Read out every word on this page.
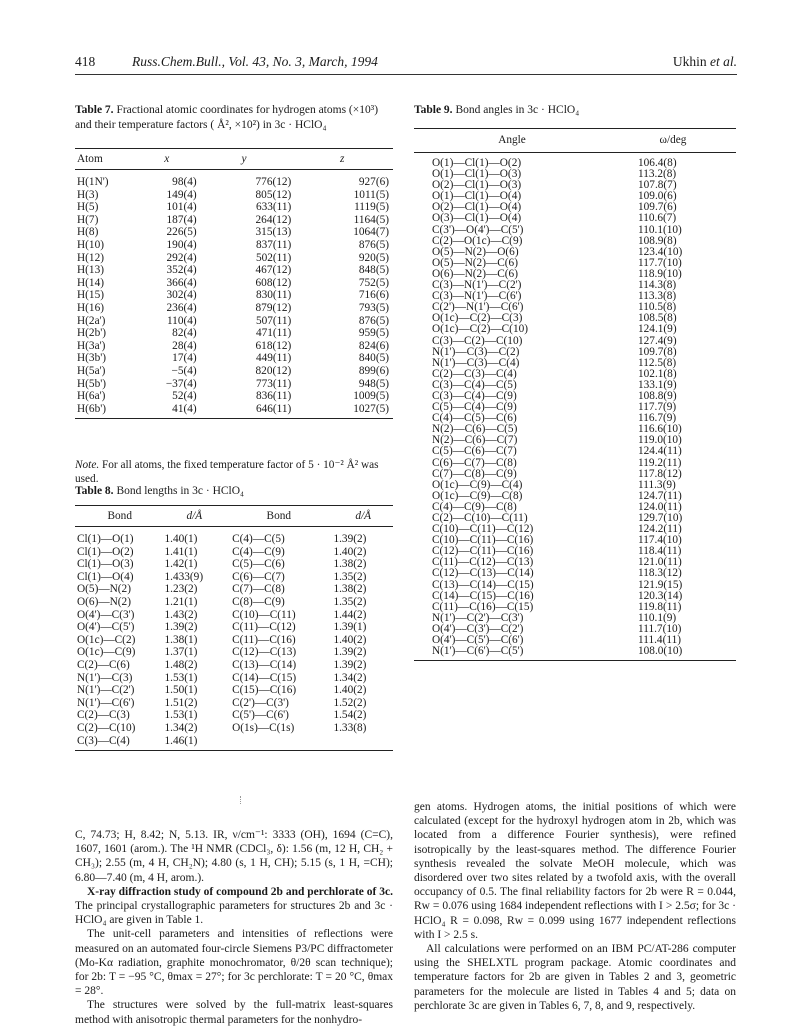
418	Russ.Chem.Bull., Vol. 43, No. 3, March, 1994	Ukhin et al.
Table 7. Fractional atomic coordinates for hydrogen atoms (×10³) and their temperature factors ( Å², ×10²) in 3c · HClO₄
Atom	x	y	z
H(1N')	98(4)	776(12)	927(6)
H(3)	149(4)	805(12)	1011(5)
H(5)	101(4)	633(11)	1119(5)
H(7)	187(4)	264(12)	1164(5)
H(8)	226(5)	315(13)	1064(7)
H(10)	190(4)	837(11)	876(5)
H(12)	292(4)	502(11)	920(5)
H(13)	352(4)	467(12)	848(5)
H(14)	366(4)	608(12)	752(5)
H(15)	302(4)	830(11)	716(6)
H(16)	236(4)	879(12)	793(5)
H(2a')	110(4)	507(11)	876(5)
H(2b')	82(4)	471(11)	959(5)
H(3a')	28(4)	618(12)	824(6)
H(3b')	17(4)	449(11)	840(5)
H(5a')	−5(4)	820(12)	899(6)
H(5b')	−37(4)	773(11)	948(5)
H(6a')	52(4)	836(11)	1009(5)
H(6b')	41(4)	646(11)	1027(5)
Note. For all atoms, the fixed temperature factor of 5 · 10⁻² Å² was used.
Table 8. Bond lengths in 3c · HClO₄
Bond	d/Å	Bond	d/Å
Cl(1)—O(1)	1.40(1)	C(4)—C(5)	1.39(2)
Cl(1)—O(2)	1.41(1)	C(4)—C(9)	1.40(2)
Cl(1)—O(3)	1.42(1)	C(5)—C(6)	1.38(2)
Cl(1)—O(4)	1.433(9)	C(6)—C(7)	1.35(2)
O(5)—N(2)	1.23(2)	C(7)—C(8)	1.38(2)
O(6)—N(2)	1.21(1)	C(8)—C(9)	1.35(2)
O(4')—C(3')	1.43(2)	C(10)—C(11)	1.44(2)
O(4')—C(5')	1.39(2)	C(11)—C(12)	1.39(1)
O(1c)—C(2)	1.38(1)	C(11)—C(16)	1.40(2)
O(1c)—C(9)	1.37(1)	C(12)—C(13)	1.39(2)
C(2)—C(6)	1.48(2)	C(13)—C(14)	1.39(2)
N(1')—C(3)	1.53(1)	C(14)—C(15)	1.34(2)
N(1')—C(2')	1.50(1)	C(15)—C(16)	1.40(2)
N(1')—C(6')	1.51(2)	C(2')—C(3')	1.52(2)
C(2)—C(3)	1.53(1)	C(5')—C(6')	1.54(2)
C(2)—C(10)	1.34(2)	O(1s)—C(1s)	1.33(8)
C(3)—C(4)	1.46(1)		
Table 9. Bond angles in 3c · HClO₄
Angle	ω/deg
O(1)—Cl(1)—O(2)	106.4(8)
O(1)—Cl(1)—O(3)	113.2(8)
O(2)—Cl(1)—O(3)	107.8(7)
O(1)—Cl(1)—O(4)	109.0(6)
O(2)—Cl(1)—O(4)	109.7(6)
O(3)—Cl(1)—O(4)	110.6(7)
C(3')—O(4')—C(5')	110.1(10)
C(2)—O(1c)—C(9)	108.9(8)
O(5)—N(2)—O(6)	123.4(10)
O(5)—N(2)—C(6)	117.7(10)
O(6)—N(2)—C(6)	118.9(10)
C(3)—N(1')—C(2')	114.3(8)
C(3)—N(1')—C(6')	113.3(8)
C(2')—N(1')—C(6')	110.5(8)
O(1c)—C(2)—C(3)	108.5(8)
O(1c)—C(2)—C(10)	124.1(9)
C(3)—C(2)—C(10)	127.4(9)
N(1')—C(3)—C(2)	109.7(8)
N(1')—C(3)—C(4)	112.5(8)
C(2)—C(3)—C(4)	102.1(8)
C(3)—C(4)—C(5)	133.1(9)
C(3)—C(4)—C(9)	108.8(9)
C(5)—C(4)—C(9)	117.7(9)
C(4)—C(5)—C(6)	116.7(9)
N(2)—C(6)—C(5)	116.6(10)
N(2)—C(6)—C(7)	119.0(10)
C(5)—C(6)—C(7)	124.4(11)
C(6)—C(7)—C(8)	119.2(11)
C(7)—C(8)—C(9)	117.8(12)
O(1c)—C(9)—C(4)	111.3(9)
O(1c)—C(9)—C(8)	124.7(11)
C(4)—C(9)—C(8)	124.0(11)
C(2)—C(10)—C(11)	129.7(10)
C(10)—C(11)—C(12)	124.2(11)
C(10)—C(11)—C(16)	117.4(10)
C(12)—C(11)—C(16)	118.4(11)
C(11)—C(12)—C(13)	121.0(11)
C(12)—C(13)—C(14)	118.3(12)
C(13)—C(14)—C(15)	121.9(15)
C(14)—C(15)—C(16)	120.3(14)
C(11)—C(16)—C(15)	119.8(11)
N(1')—C(2')—C(3')	110.1(9)
O(4')—C(3')—C(2')	111.7(10)
O(4')—C(5')—C(6')	111.4(11)
N(1')—C(6')—C(5')	108.0(10)

C, 74.73; H, 8.42; N, 5.13. IR, ν/cm⁻¹: 3333 (OH), 1694 (C=C), 1607, 1601 (arom.). The ¹H NMR (CDCl₃, δ): 1.56 (m, 12 H, CH₂ + CH₃); 2.55 (m, 4 H, CH₂N); 4.80 (s, 1 H, CH); 5.15 (s, 1 H, =CH); 6.80—7.40 (m, 4 H, arom.).

X-ray diffraction study of compound 2b and perchlorate of 3c. The principal crystallographic parameters for structures 2b and 3c · HClO₄ are given in Table 1.

The unit-cell parameters and intensities of reflections were measured on an automated four-circle Siemens P3/PC diffractometer (Mo-Kα radiation, graphite monochromator, θ/2θ scan technique); for 2b: T = −95 °C, θmax = 27°; for 3c perchlorate: T = 20 °C, θmax = 28°.

The structures were solved by the full-matrix least-squares method with anisotropic thermal parameters for the nonhydro-

gen atoms. Hydrogen atoms, the initial positions of which were calculated (except for the hydroxyl hydrogen atom in 2b, which was located from a difference Fourier synthesis), were refined isotropically by the least-squares method. The difference Fourier synthesis revealed the solvate MeOH molecule, which was disordered over two sites related by a twofold axis, with the overall occupancy of 0.5. The final reliability factors for 2b were R = 0.044, Rw = 0.076 using 1684 independent reflections with I > 2.5σ; for 3c · HClO₄ R = 0.098, Rw = 0.099 using 1677 independent reflections with I > 2.5 s.

All calculations were performed on an IBM PC/AT-286 computer using the SHELXTL program package. Atomic coordinates and temperature factors for 2b are given in Tables 2 and 3, geometric parameters for the molecule are listed in Tables 4 and 5; data on perchlorate 3c are given in Tables 6, 7, 8, and 9, respectively.
